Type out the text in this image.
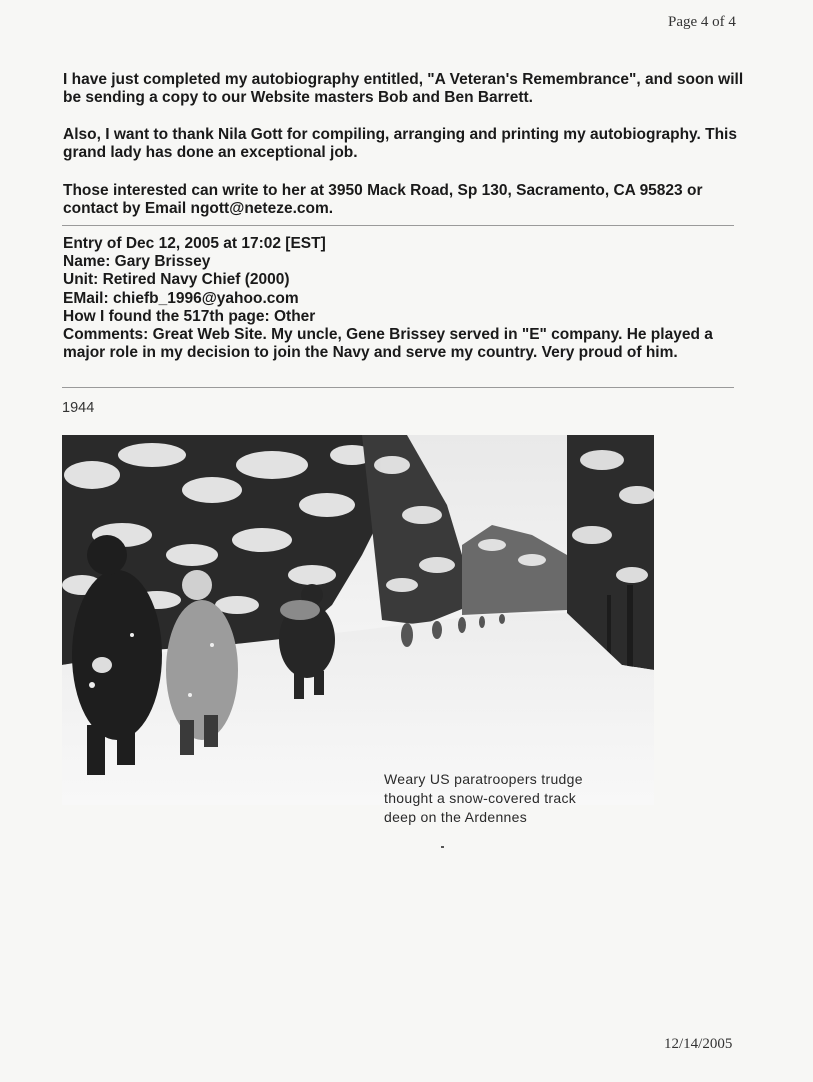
Page 4 of 4

I have just completed my autobiography entitled, "A Veteran's Remembrance", and soon will be sending a copy to our Website masters Bob and Ben Barrett.

Also, I want to thank Nila Gott for compiling, arranging and printing my autobiography. This grand lady has done an exceptional job.

Those interested can write to her at 3950 Mack Road, Sp 130, Sacramento, CA 95823 or contact by Email ngott@neteze.com.

Entry of Dec 12, 2005 at 17:02 [EST]
Name: Gary Brissey
Unit: Retired Navy Chief (2000)
EMail: chiefb_1996@yahoo.com
How I found the 517th page: Other
Comments: Great Web Site. My uncle, Gene Brissey served in "E" company. He played a major role in my decision to join the Navy and serve my country. Very proud of him.
1944
Weary US paratroopers trudge
thought a snow-covered track
deep on the Ardennes
12/14/2005
